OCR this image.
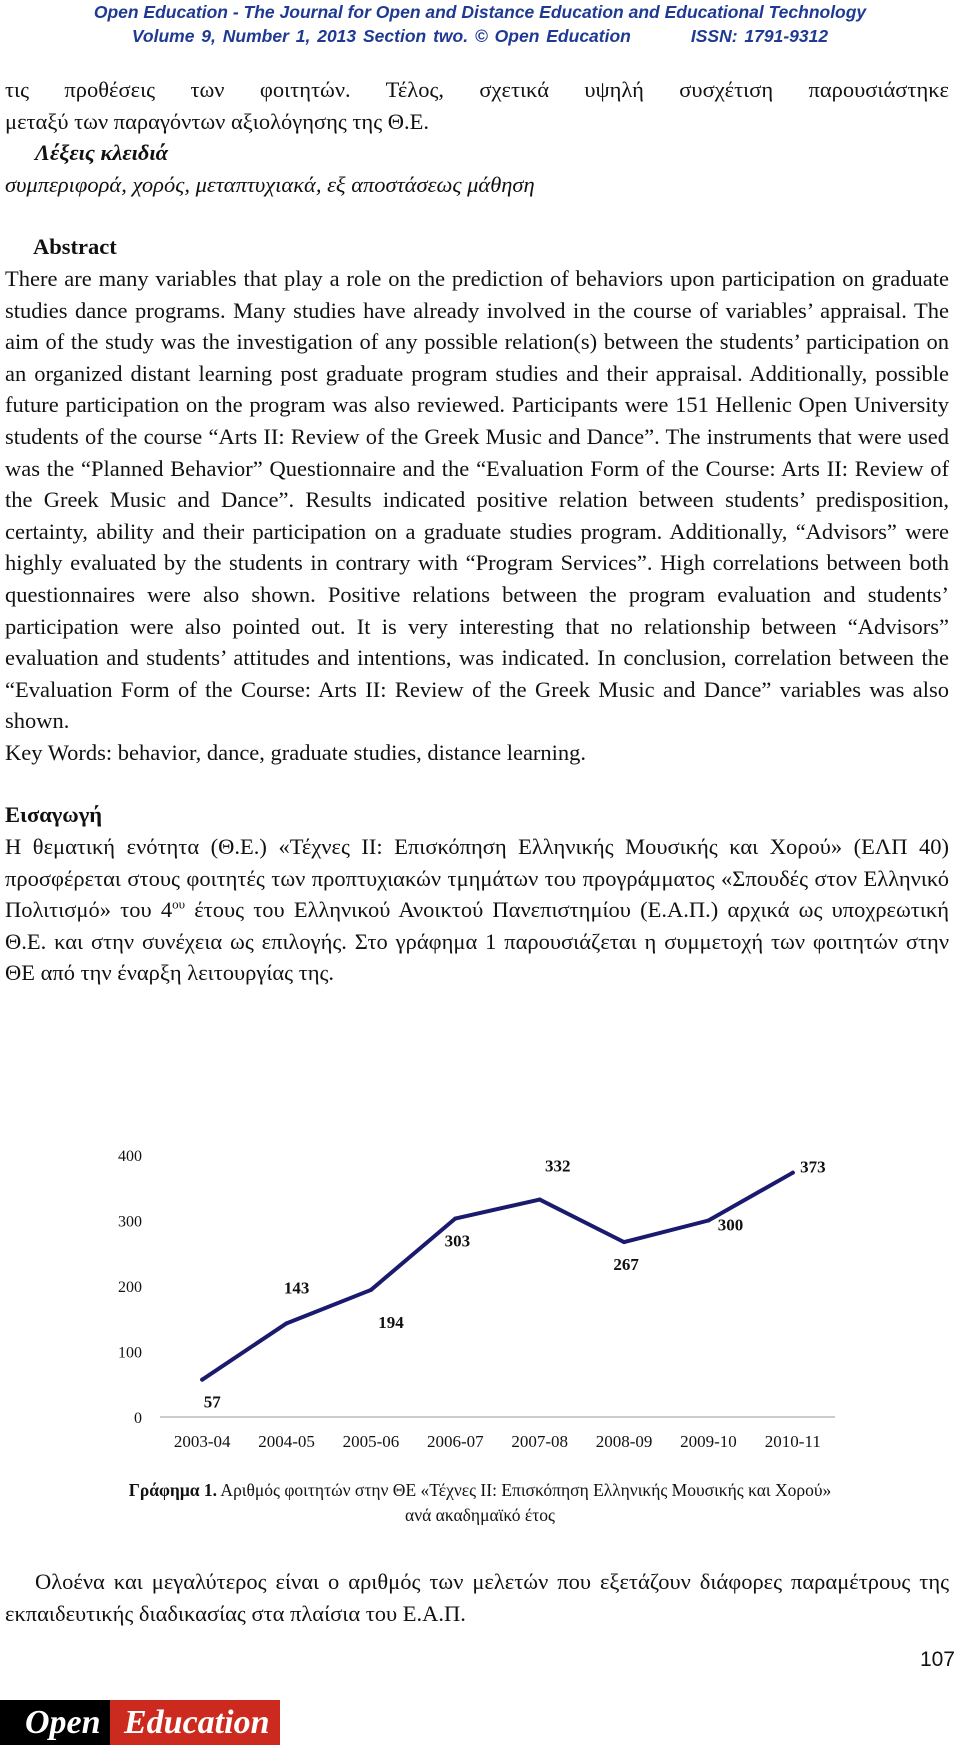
Open Education - The Journal for Open and Distance Education and Educational Technology
Volume 9, Number 1, 2013 Section two. © Open Education	ISSN: 1791-9312

τις προθέσεις των φοιτητών. Τέλος, σχετικά υψηλή συσχέτιση παρουσιάστηκε

μεταξύ των παραγόντων αξιολόγησης της Θ.Ε.

Λέξεις κλειδιά

συμπεριφορά, χορός, μεταπτυχιακά, εξ αποστάσεως μάθηση

Abstract

There are many variables that play a role on the prediction of behaviors upon participation on graduate studies dance programs. Many studies have already involved in the course of variables’ appraisal. The aim of the study was the investigation of any possible relation(s) between the students’ participation on an organized distant learning post graduate program studies and their appraisal. Additionally, possible future participation on the program was also reviewed. Participants were 151 Hellenic Open University students of the course “Arts II: Review of the Greek Music and Dance”. The instruments that were used was the “Planned Behavior” Questionnaire and the “Evaluation Form of the Course: Arts II: Review of the Greek Music and Dance”. Results indicated positive relation between students’ predisposition, certainty, ability and their participation on a graduate studies program. Additionally, “Advisors” were highly evaluated by the students in contrary with “Program Services”. High correlations between both questionnaires were also shown. Positive relations between the program evaluation and students’ participation were also pointed out. It is very interesting that no relationship between “Advisors” evaluation and students’ attitudes and intentions, was indicated. In conclusion, correlation between the “Evaluation Form of the Course: Arts II: Review of the Greek Music and Dance” variables was also shown.

Key Words: behavior, dance, graduate studies, distance learning.

Εισαγωγή

Η θεματική ενότητα (Θ.Ε.) «Τέχνες ΙΙ: Επισκόπηση Ελληνικής Μουσικής και Χορού» (ΕΛΠ 40) προσφέρεται στους φοιτητές των προπτυχιακών τμημάτων του προγράμματος «Σπουδές στον Ελληνικό Πολιτισμό» του $4^{o\upsilon}$ έτους του Ελληνικού Ανοικτού Πανεπιστημίου (Ε.Α.Π.) αρχικά ως υποχρεωτική Θ.Ε. και στην συνέχεια ως επιλογής. Στο γράφημα 1 παρουσιάζεται η συμμετοχή των φοιτητών στην ΘΕ από την έναρξη λειτουργίας της.

0
100
200
300
400
2003-04 2004-05 2005-06 2006-07 2007-08 2008-09 2009-10 2010-11
57
143
194
303
332
267
300
373
Γράφημα 1. Αριθμός φοιτητών στην ΘΕ «Τέχνες ΙΙ: Επισκόπηση Ελληνικής Μουσικής και Χορού»
ανά ακαδημαϊκό έτος

Ολοένα και μεγαλύτερος είναι ο αριθμός των μελετών που εξετάζουν διάφορες παραμέτρους της εκπαιδευτικής διαδικασίας στα πλαίσια του Ε.Α.Π.

107
Open Education
